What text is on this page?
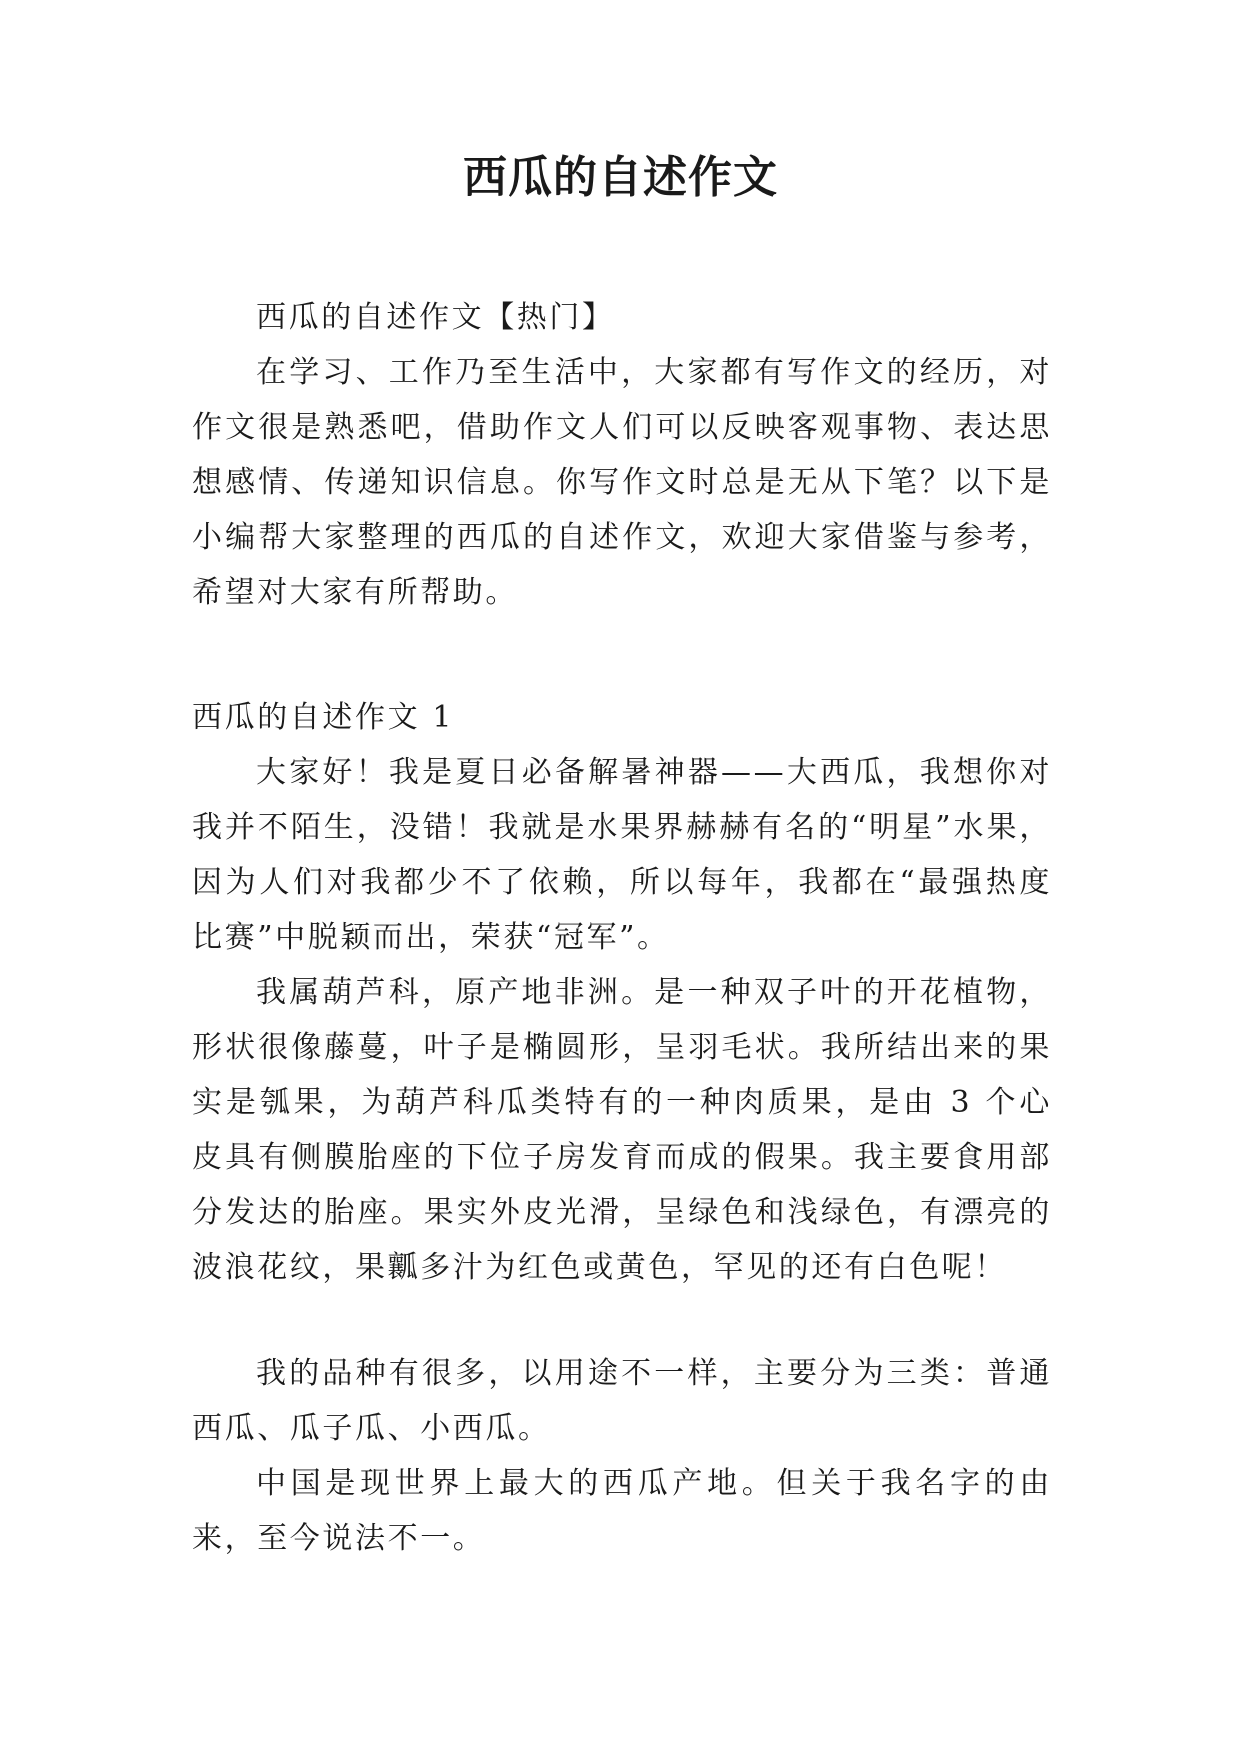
西瓜的自述作文

西瓜的自述作文【热门】

在学习、工作乃至生活中，大家都有写作文的经历，对作文很是熟悉吧，借助作文人们可以反映客观事物、表达思想感情、传递知识信息。你写作文时总是无从下笔？以下是小编帮大家整理的西瓜的自述作文，欢迎大家借鉴与参考，希望对大家有所帮助。

西瓜的自述作文 1

大家好！我是夏日必备解暑神器——大西瓜，我想你对我并不陌生，没错！我就是水果界赫赫有名的“明星”水果，因为人们对我都少不了依赖，所以每年，我都在“最强热度比赛”中脱颖而出，荣获“冠军”。

我属葫芦科，原产地非洲。是一种双子叶的开花植物，形状很像藤蔓，叶子是椭圆形，呈羽毛状。我所结出来的果实是瓠果，为葫芦科瓜类特有的一种肉质果，是由 3 个心皮具有侧膜胎座的下位子房发育而成的假果。我主要食用部分发达的胎座。果实外皮光滑，呈绿色和浅绿色，有漂亮的波浪花纹，果瓤多汁为红色或黄色，罕见的还有白色呢！

我的品种有很多，以用途不一样，主要分为三类：普通西瓜、瓜子瓜、小西瓜。

中国是现世界上最大的西瓜产地。但关于我名字的由来，至今说法不一。
